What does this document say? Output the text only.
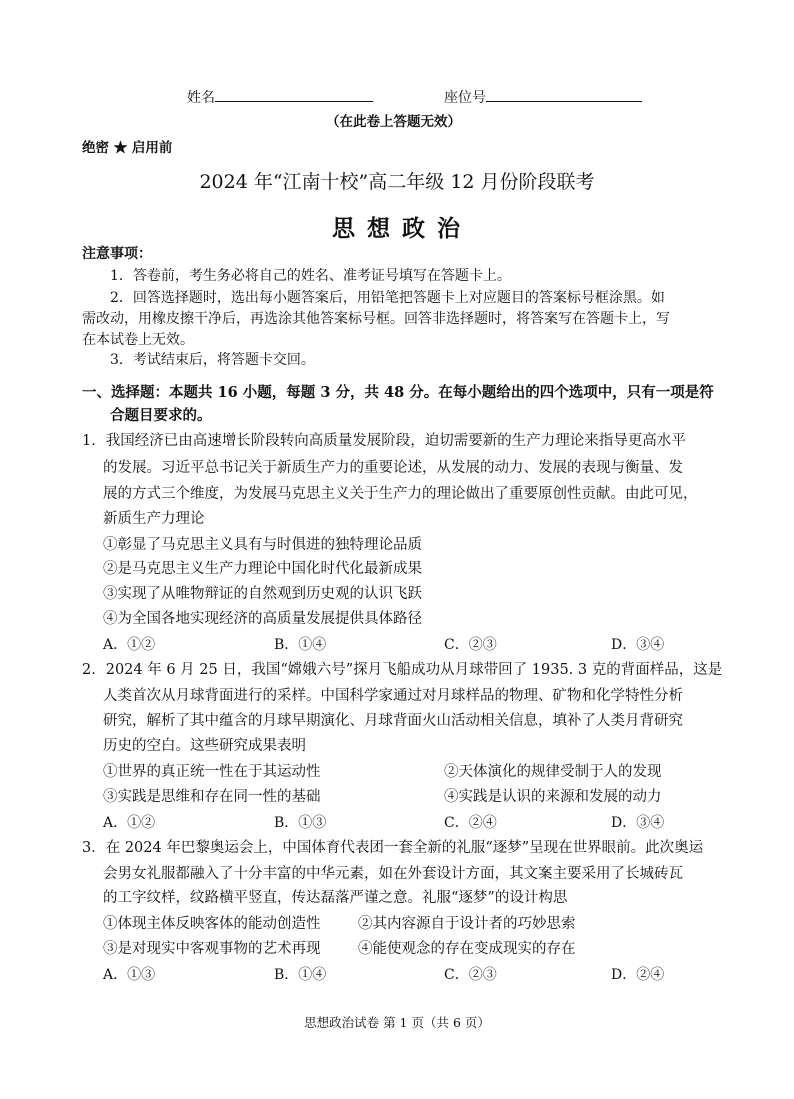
姓名	座位号
（在此卷上答题无效）
绝密 ★ 启用前
2024 年“江南十校”高二年级 12 月份阶段联考
思 想 政 治
注意事项：
1．答卷前，考生务必将自己的姓名、准考证号填写在答题卡上。
2．回答选择题时，选出每小题答案后，用铅笔把答题卡上对应题目的答案标号框涂黑。如
需改动，用橡皮擦干净后，再选涂其他答案标号框。回答非选择题时，将答案写在答题卡上，写
在本试卷上无效。
3．考试结束后，将答题卡交回。
一、选择题：本题共 16 小题，每题 3 分，共 48 分。在每小题给出的四个选项中，只有一项是符
合题目要求的。
1．我国经济已由高速增长阶段转向高质量发展阶段，迫切需要新的生产力理论来指导更高水平
的发展。习近平总书记关于新质生产力的重要论述，从发展的动力、发展的表现与衡量、发
展的方式三个维度，为发展马克思主义关于生产力的理论做出了重要原创性贡献。由此可见，
新质生产力理论
①彰显了马克思主义具有与时俱进的独特理论品质
②是马克思主义生产力理论中国化时代化最新成果
③实现了从唯物辩证的自然观到历史观的认识飞跃
④为全国各地实现经济的高质量发展提供具体路径
A．①②	B．①④	C．②③	D．③④
2．2024 年 6 月 25 日，我国“嫦娥六号”探月飞船成功从月球带回了 1935. 3 克的背面样品，这是
人类首次从月球背面进行的采样。中国科学家通过对月球样品的物理、矿物和化学特性分析
研究，解析了其中蕴含的月球早期演化、月球背面火山活动相关信息，填补了人类月背研究
历史的空白。这些研究成果表明
①世界的真正统一性在于其运动性	②天体演化的规律受制于人的发现
③实践是思维和存在同一性的基础	④实践是认识的来源和发展的动力
A．①②	B．①③	C．②④	D．③④
3．在 2024 年巴黎奥运会上，中国体育代表团一套全新的礼服“逐梦”呈现在世界眼前。此次奥运
会男女礼服都融入了十分丰富的中华元素，如在外套设计方面，其文案主要采用了长城砖瓦
的工字纹样，纹路横平竖直，传达磊落严谨之意。礼服“逐梦”的设计构思
①体现主体反映客体的能动创造性	②其内容源自于设计者的巧妙思索
③是对现实中客观事物的艺术再现	④能使观念的存在变成现实的存在
A．①③	B．①④	C．②③	D．②④
思想政治试卷 第 1 页（共 6 页）
